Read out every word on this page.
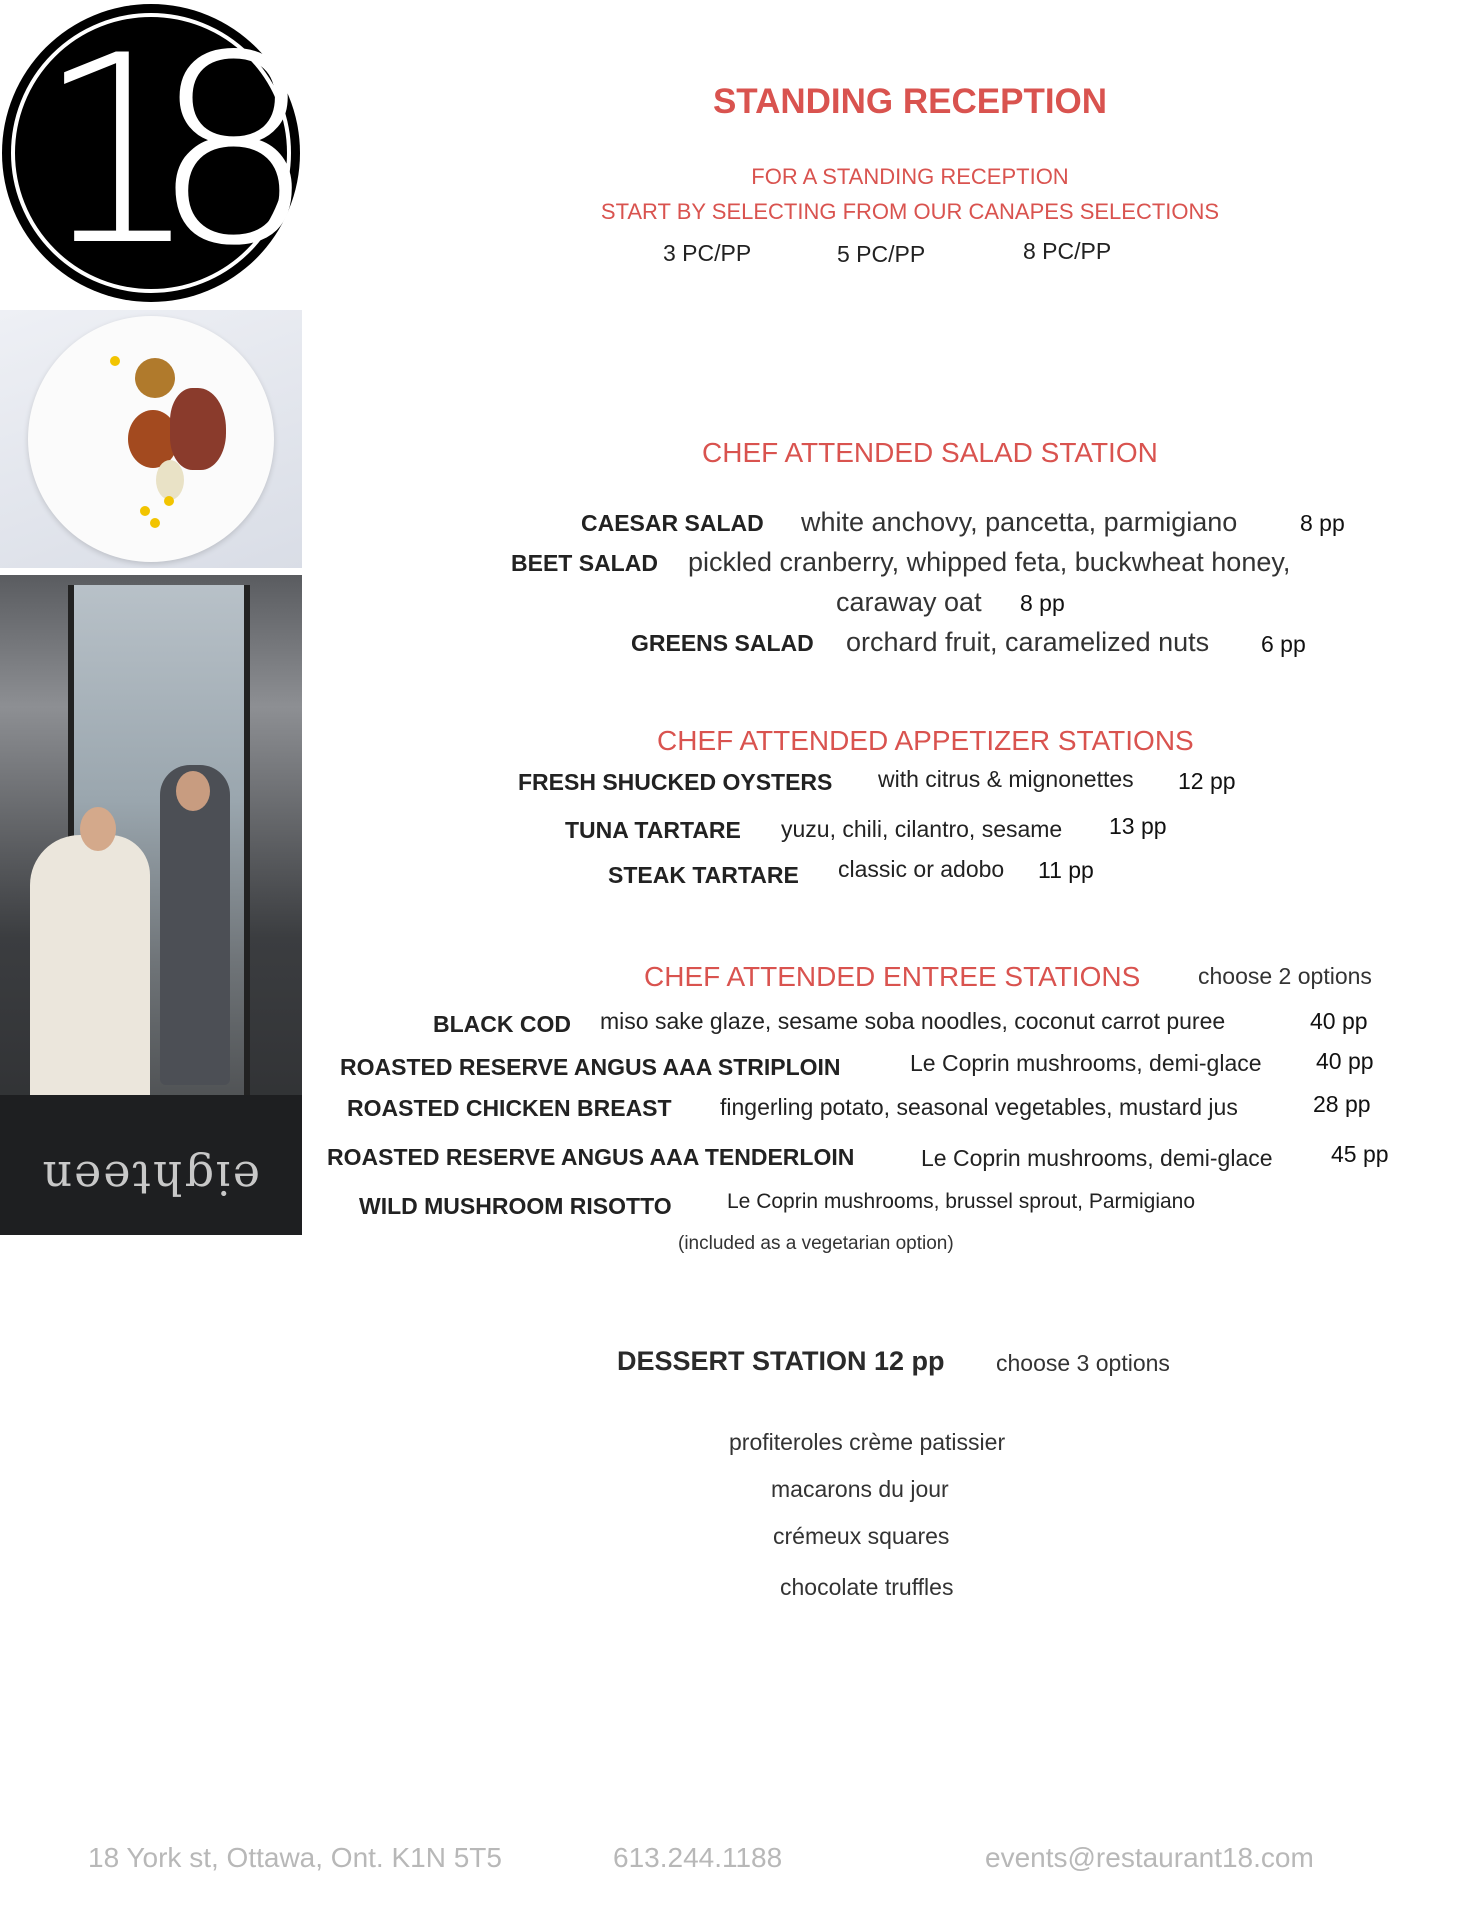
18
eighteen
STANDING RECEPTION
FOR A STANDING RECEPTION
START BY SELECTING FROM OUR CANAPES SELECTIONS
3 PC/PP	5 PC/PP	8 PC/PP
CHEF ATTENDED SALAD STATION
CAESAR SALAD white anchovy, pancetta, parmigiano	8 pp
BEET SALAD pickled cranberry, whipped feta, buckwheat honey,
caraway oat 8 pp
GREENS SALAD orchard fruit, caramelized nuts 6 pp
CHEF ATTENDED APPETIZER STATIONS
FRESH SHUCKED OYSTERS with citrus & mignonettes 12 pp
TUNA TARTARE yuzu, chili, cilantro, sesame 13 pp
STEAK TARTARE classic or adobo 11 pp
CHEF ATTENDED ENTREE STATIONS	choose 2 options
BLACK COD miso sake glaze, sesame soba noodles, coconut carrot puree	40 pp
ROASTED RESERVE ANGUS AAA STRIPLOIN	Le Coprin mushrooms, demi-glace 40 pp
ROASTED CHICKEN BREAST fingerling potato, seasonal vegetables, mustard jus	28 pp
ROASTED RESERVE ANGUS AAA TENDERLOIN	Le Coprin mushrooms, demi-glace	45 pp
WILD MUSHROOM RISOTTO	Le Coprin mushrooms, brussel sprout, Parmigiano
(included as a vegetarian option)
DESSERT STATION 12 pp choose 3 options
profiteroles crème patissier
macarons du jour
crémeux squares
chocolate truffles
18 York st, Ottawa, Ont. K1N 5T5	613.244.1188	events@restaurant18.com
